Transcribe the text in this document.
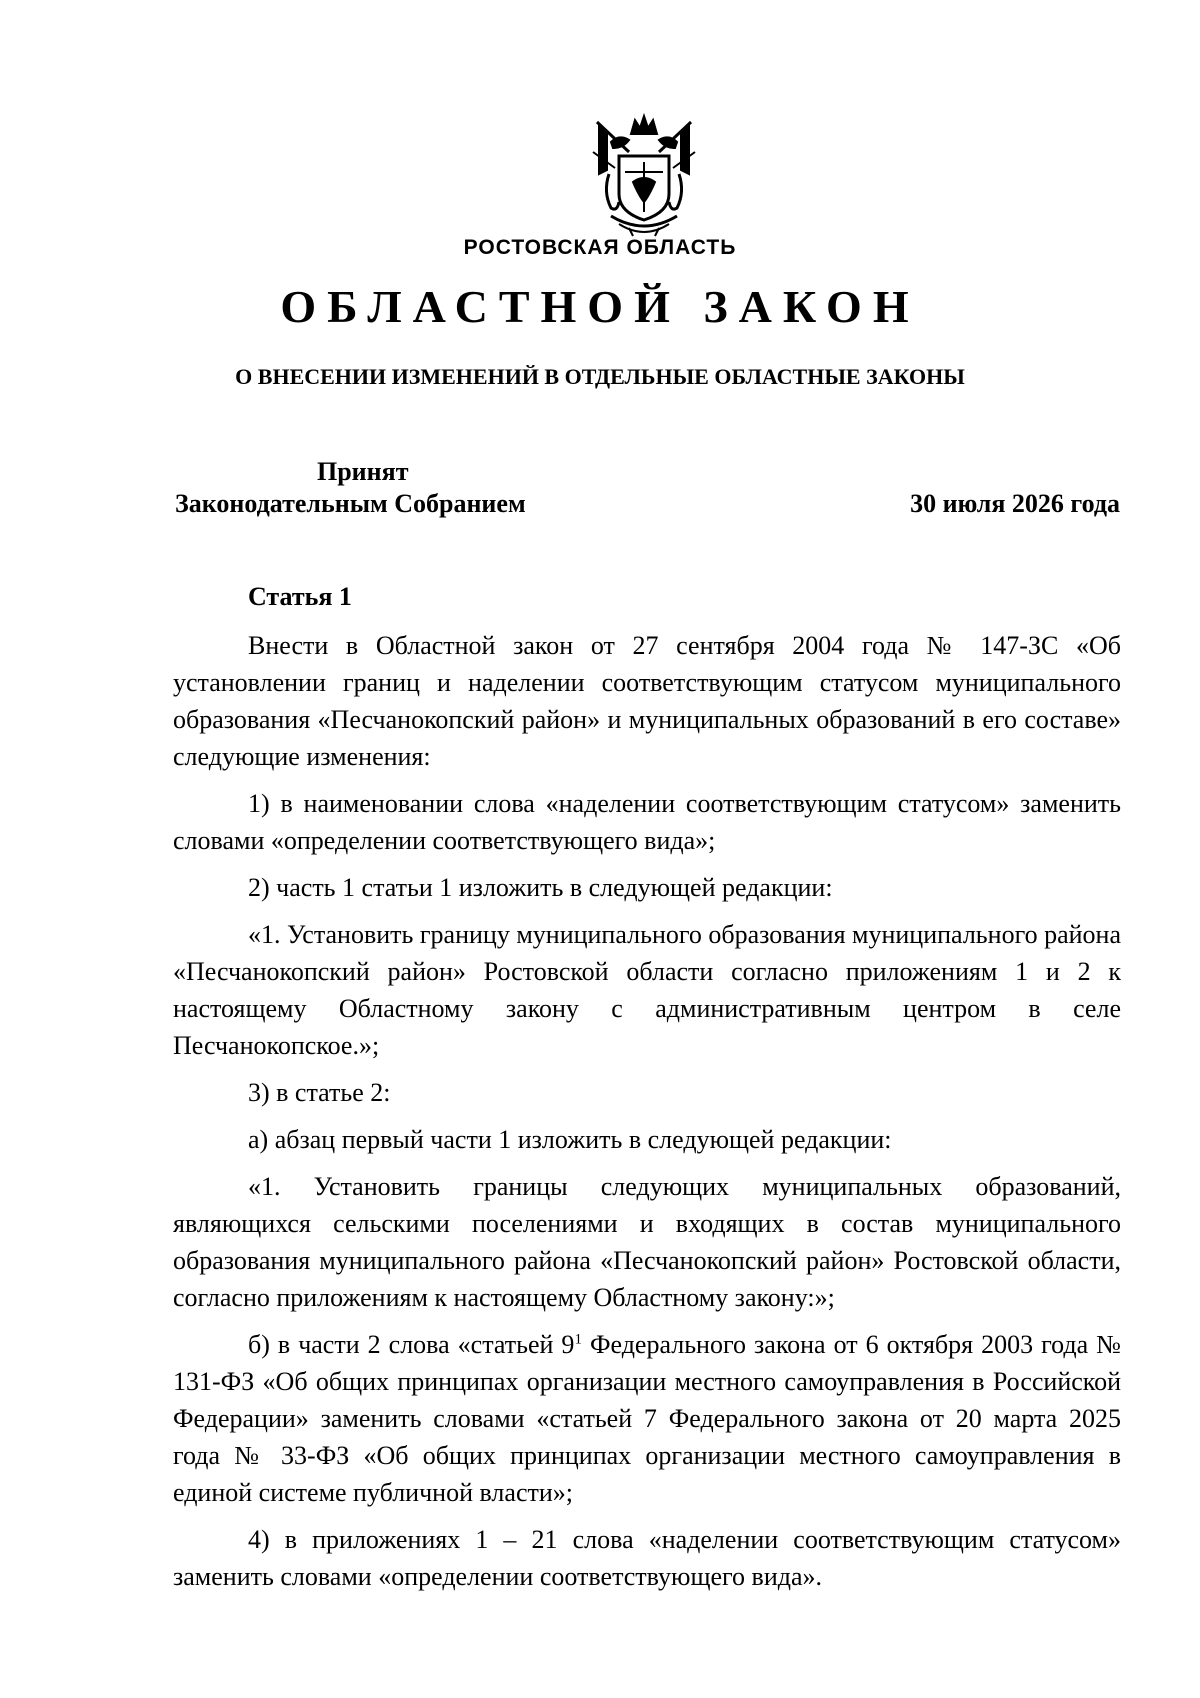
РОСТОВСКАЯ ОБЛАСТЬ
ОБЛАСТНОЙ ЗАКОН
О ВНЕСЕНИИ ИЗМЕНЕНИЙ В ОТДЕЛЬНЫЕ ОБЛАСТНЫЕ ЗАКОНЫ
Принят
Законодательным Собранием	30 июля 2026 года
Статья 1

Внести в Областной закон от 27 сентября 2004 года № 147-ЗС «Об установлении границ и наделении соответствующим статусом муниципального образования «Песчанокопский район» и муниципальных образований в его составе» следующие изменения:

1) в наименовании слова «наделении соответствующим статусом» заменить словами «определении соответствующего вида»;

2) часть 1 статьи 1 изложить в следующей редакции:

«1. Установить границу муниципального образования муниципального района «Песчанокопский район» Ростовской области согласно приложениям 1 и 2 к настоящему Областному закону с административным центром в селе Песчанокопское.»;

3) в статье 2:

а) абзац первый части 1 изложить в следующей редакции:

«1. Установить границы следующих муниципальных образований, являющихся сельскими поселениями и входящих в состав муниципального образования муниципального района «Песчанокопский район» Ростовской области, согласно приложениям к настоящему Областному закону:»;

б) в части 2 слова «статьей $9^1$ Федерального закона от 6 октября 2003 года № 131-ФЗ «Об общих принципах организации местного самоуправления в Российской Федерации» заменить словами «статьей 7 Федерального закона от 20 марта 2025 года № 33-ФЗ «Об общих принципах организации местного самоуправления в единой системе публичной власти»;

4) в приложениях 1 – 21 слова «наделении соответствующим статусом» заменить словами «определении соответствующего вида».
